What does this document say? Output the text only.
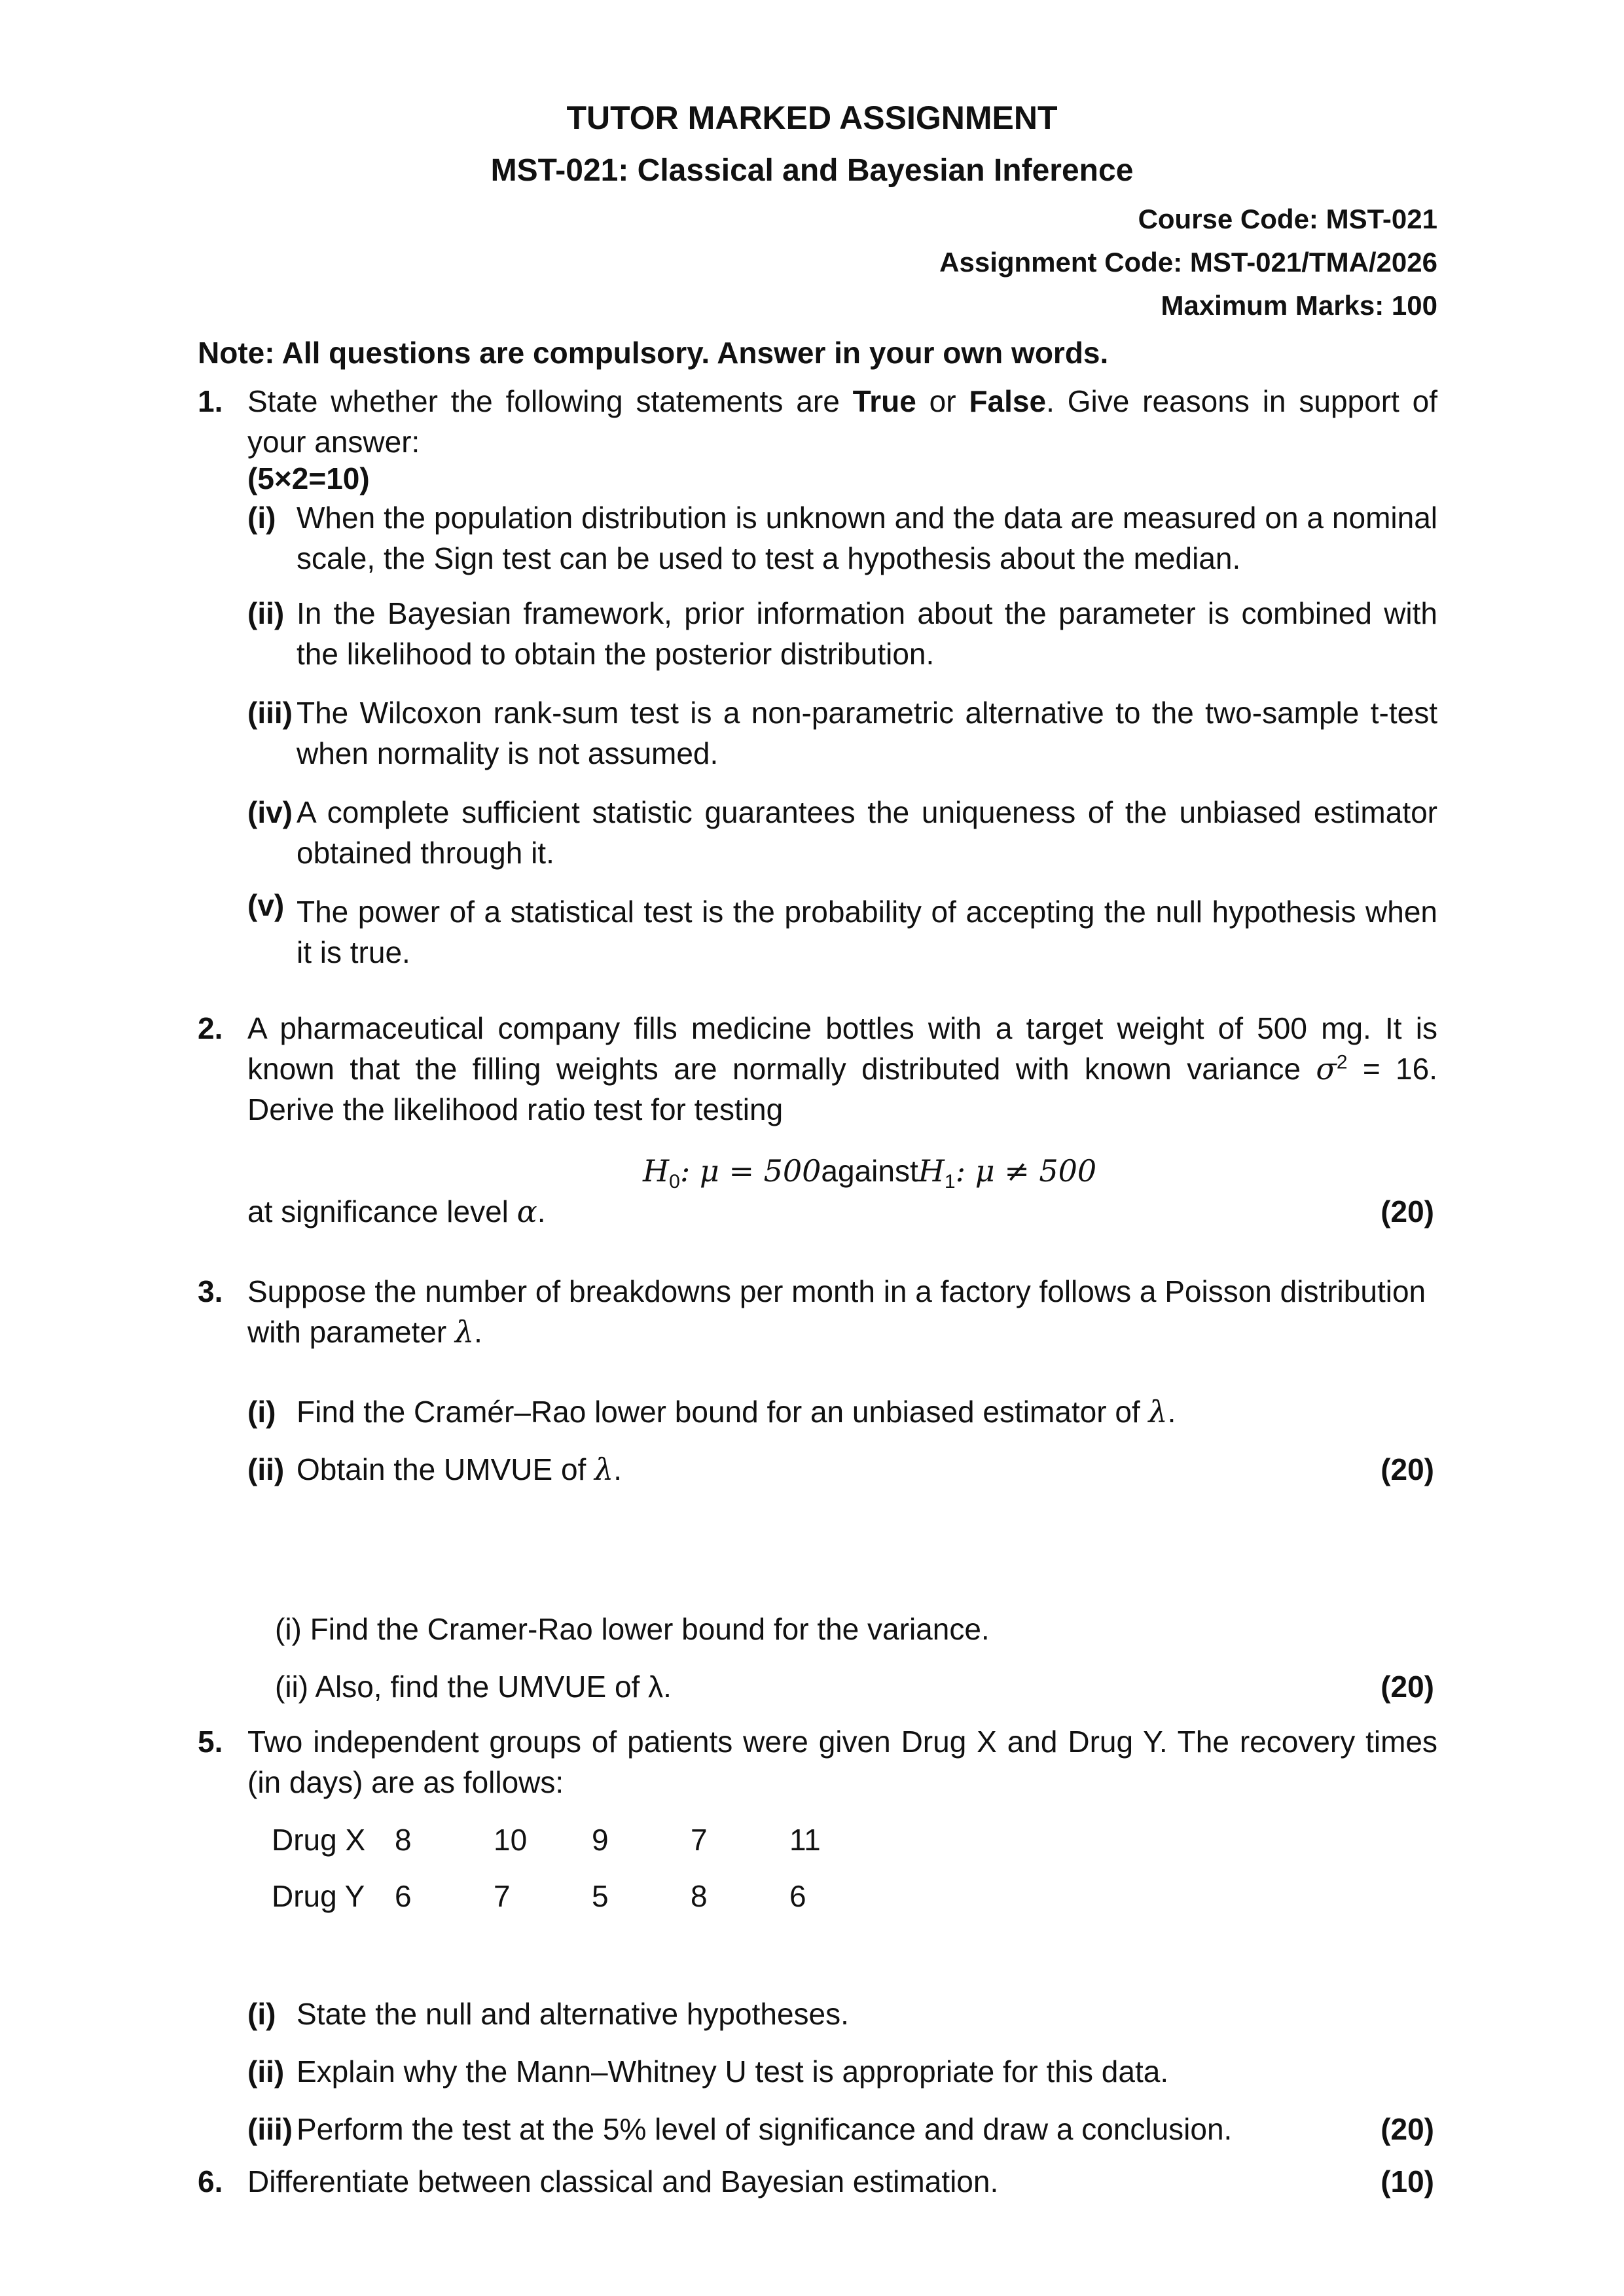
TUTOR MARKED ASSIGNMENT
MST-021: Classical and Bayesian Inference
Course Code: MST-021
Assignment Code: MST-021/TMA/2026
Maximum Marks: 100
Note: All questions are compulsory. Answer in your own words.
1. State whether the following statements are True or False. Give reasons in support of your answer:
(5×2=10)
(i) When the population distribution is unknown and the data are measured on a nominal scale, the Sign test can be used to test a hypothesis about the median.
(ii) In the Bayesian framework, prior information about the parameter is combined with the likelihood to obtain the posterior distribution.
(iii) The Wilcoxon rank-sum test is a non-parametric alternative to the two-sample t-test when normality is not assumed.
(iv) A complete sufficient statistic guarantees the uniqueness of the unbiased estimator obtained through it.
(v) The power of a statistical test is the probability of accepting the null hypothesis when it is true.
2. A pharmaceutical company fills medicine bottles with a target weight of 500 mg. It is known that the filling weights are normally distributed with known variance $\sigma^2 = 16$. Derive the likelihood ratio test for testing
$H_0$: μ = 500againstH$_1$: μ ≠ 500
at significance level α.	(20)
3. Suppose the number of breakdowns per month in a factory follows a Poisson distribution with parameter λ.
(i) Find the Cramér–Rao lower bound for an unbiased estimator of λ.
(ii) Obtain the UMVUE of λ.	(20)
(i) Find the Cramer-Rao lower bound for the variance.
(ii) Also, find the UMVUE of λ.	(20)
5. Two independent groups of patients were given Drug X and Drug Y. The recovery times (in days) are as follows:
Drug X 8	10 9	7	11
Drug Y 6	7	5	8	6
(i) State the null and alternative hypotheses.
(ii) Explain why the Mann–Whitney U test is appropriate for this data.
(iii) Perform the test at the 5% level of significance and draw a conclusion.	(20)
6. Differentiate between classical and Bayesian estimation.	(10)
